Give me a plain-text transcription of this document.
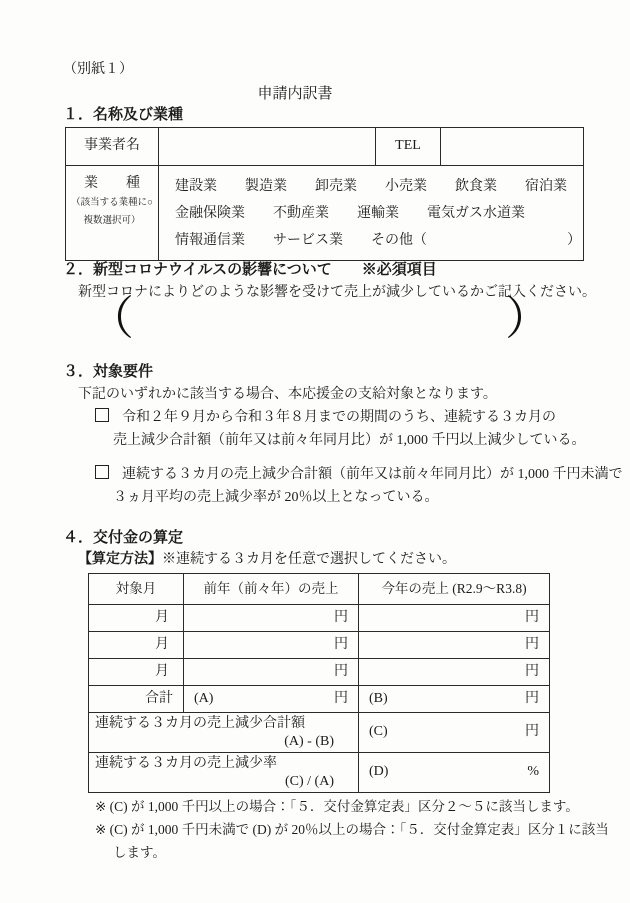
（別紙１）
申請内訳書
１．名称及び業種
事業者名		TEL	

業　　種
（該当する業種に○
複数選択可）

建設業　　製造業　　卸売業　　小売業　　飲食業　　宿泊業
金融保険業　　不動産業　　運輸業　　電気ガス水道業
情報通信業　　サービス業　　その他（　　　　　　　　　　）
２．新型コロナウイルスの影響について　　※必須項目
新型コロナによりどのような影響を受けて売上が減少しているかご記入ください。
（	）
３．対象要件
下記のいずれかに該当する場合、本応援金の支給対象となります。
令和２年９月から令和３年８月までの期間のうち、連続する３カ月の
売上減少合計額（前年又は前々年同月比）が 1,000 千円以上減少している。
連続する３カ月の売上減少合計額（前年又は前々年同月比）が 1,000 千円未満で
３ヵ月平均の売上減少率が 20％以上となっている。
４．交付金の算定
【算定方法】※連続する３カ月を任意で選択してください。
対象月	前年（前々年）の売上	今年の売上 (R2.9～R3.8)
月	円	円
月	円	円
月	円	円
合計	(A) 円	(B) 円

連続する３カ月の売上減少合計額
(A) - (B)

(C)	円

連続する３カ月の売上減少率
(C) / (A)

(D)	%
※ (C) が 1,000 千円以上の場合：「５．交付金算定表」区分２～５に該当します。
※ (C) が 1,000 千円未満で (D) が 20％以上の場合：「５．交付金算定表」区分１に該当
します。
